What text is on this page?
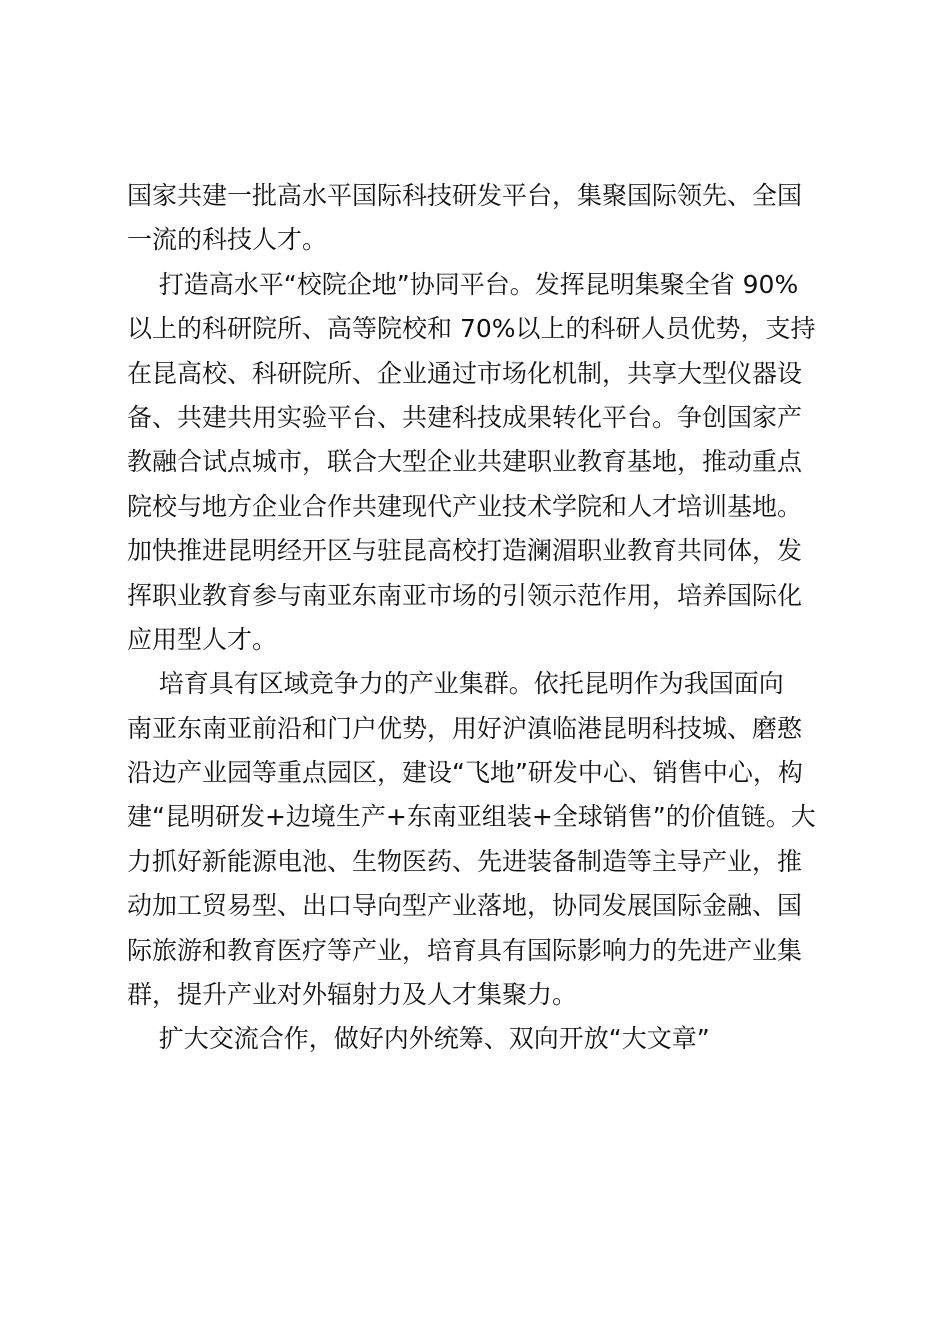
国家共建一批高水平国际科技研发平台，集聚国际领先、全国
一流的科技人才。
打造高水平“校院企地”协同平台。发挥昆明集聚全省 90%
以上的科研院所、高等院校和 70%以上的科研人员优势，支持
在昆高校、科研院所、企业通过市场化机制，共享大型仪器设
备、共建共用实验平台、共建科技成果转化平台。争创国家产
教融合试点城市，联合大型企业共建职业教育基地，推动重点
院校与地方企业合作共建现代产业技术学院和人才培训基地。
加快推进昆明经开区与驻昆高校打造澜湄职业教育共同体，发
挥职业教育参与南亚东南亚市场的引领示范作用，培养国际化
应用型人才。
培育具有区域竞争力的产业集群。依托昆明作为我国面向
南亚东南亚前沿和门户优势，用好沪滇临港昆明科技城、磨憨
沿边产业园等重点园区，建设“飞地”研发中心、销售中心，构
建“昆明研发+边境生产+东南亚组装+全球销售”的价值链。大
力抓好新能源电池、生物医药、先进装备制造等主导产业，推
动加工贸易型、出口导向型产业落地，协同发展国际金融、国
际旅游和教育医疗等产业，培育具有国际影响力的先进产业集
群，提升产业对外辐射力及人才集聚力。
扩大交流合作，做好内外统筹、双向开放“大文章”
